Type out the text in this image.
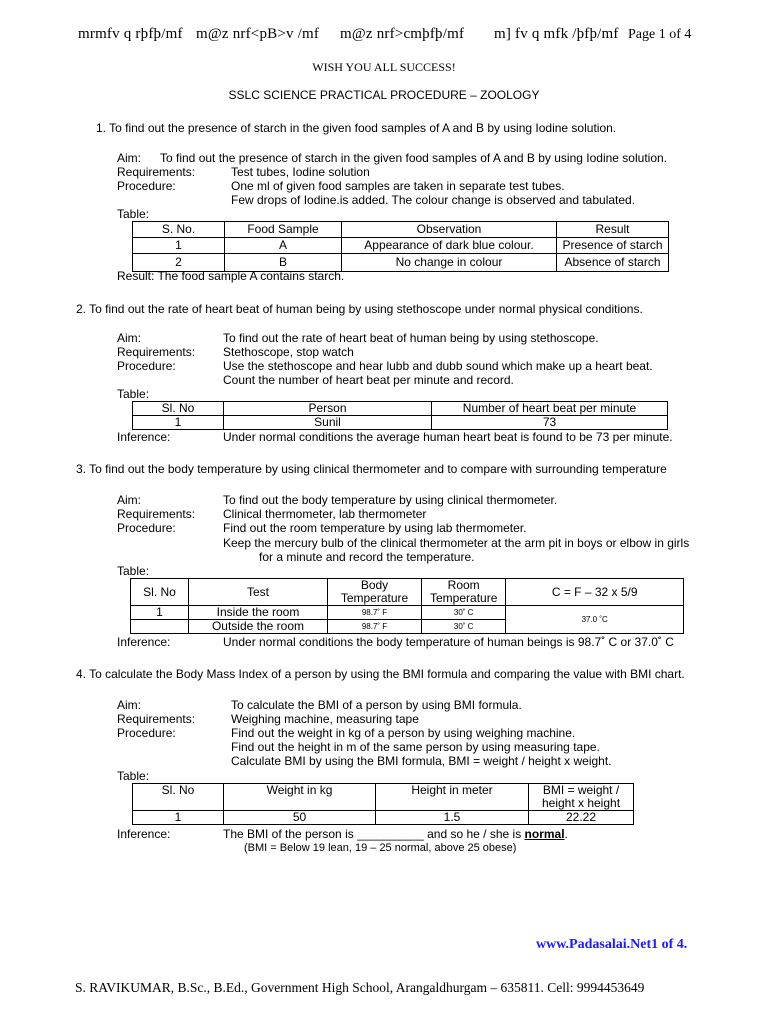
mrmfv q rþfþ/mf m@z nrf<pB>v /mf m@z nrf>cmþfþ/mf m] fv q mfk /þfþ/mf Page 1 of 4
WISH YOU ALL SUCCESS!
SSLC SCIENCE PRACTICAL PROCEDURE – ZOOLOGY
1. To find out the presence of starch in the given food samples of A and B by using Iodine solution.
Aim: To find out the presence of starch in the given food samples of A and B by using Iodine solution.
Requirements:	Test tubes, Iodine solution
Procedure:	One ml of given food samples are taken in separate test tubes.
Few drops of Iodine.is added. The colour change is observed and tabulated.
Table:
S. No.	Food Sample	Observation	Result
1	A	Appearance of dark blue colour.	Presence of starch
2	B	No change in colour	Absence of starch
Result: The food sample A contains starch.
2. To find out the rate of heart beat of human being by using stethoscope under normal physical conditions.
Aim:	To find out the rate of heart beat of human being by using stethoscope.
Requirements: Stethoscope, stop watch
Procedure:	Use the stethoscope and hear lubb and dubb sound which make up a heart beat.
Count the number of heart beat per minute and record.
Table:
Sl. No	Person	Number of heart beat per minute
1	Sunil	73
Inference:	Under normal conditions the average human heart beat is found to be 73 per minute.
3. To find out the body temperature by using clinical thermometer and to compare with surrounding temperature
Aim:	To find out the body temperature by using clinical thermometer.
Requirements: Clinical thermometer, lab thermometer
Procedure:	Find out the room temperature by using lab thermometer.
Keep the mercury bulb of the clinical thermometer at the arm pit in boys or elbow in girls
for a minute and record the temperature.
Table:
Sl. No	Test	Body Temperature	Room Temperature	C = F – 32 x 5/9
1	Inside the room	98.7˚ F	30˚ C	37.0 ˚C
	Outside the room	98.7˚ F	30˚ C	
Inference:	Under normal conditions the body temperature of human beings is 98.7˚ C or 37.0˚ C
4. To calculate the Body Mass Index of a person by using the BMI formula and comparing the value with BMI chart.
Aim:	To calculate the BMI of a person by using BMI formula.
Requirements:	Weighing machine, measuring tape
Procedure:	Find out the weight in kg of a person by using weighing machine.
Find out the height in m of the same person by using measuring tape.
Calculate BMI by using the BMI formula, BMI = weight / height x weight.
Table:
Sl. No	Weight in kg	Height in meter	BMI = weight / height x height
1	50	1.5	22.22
Inference:	The BMI of the person is __________ and so he / she is normal.
(BMI = Below 19 lean, 19 – 25 normal, above 25 obese)
www.Padasalai.Net1 of 4.
S. RAVIKUMAR, B.Sc., B.Ed., Government High School, Arangaldhurgam – 635811. Cell: 9994453649
